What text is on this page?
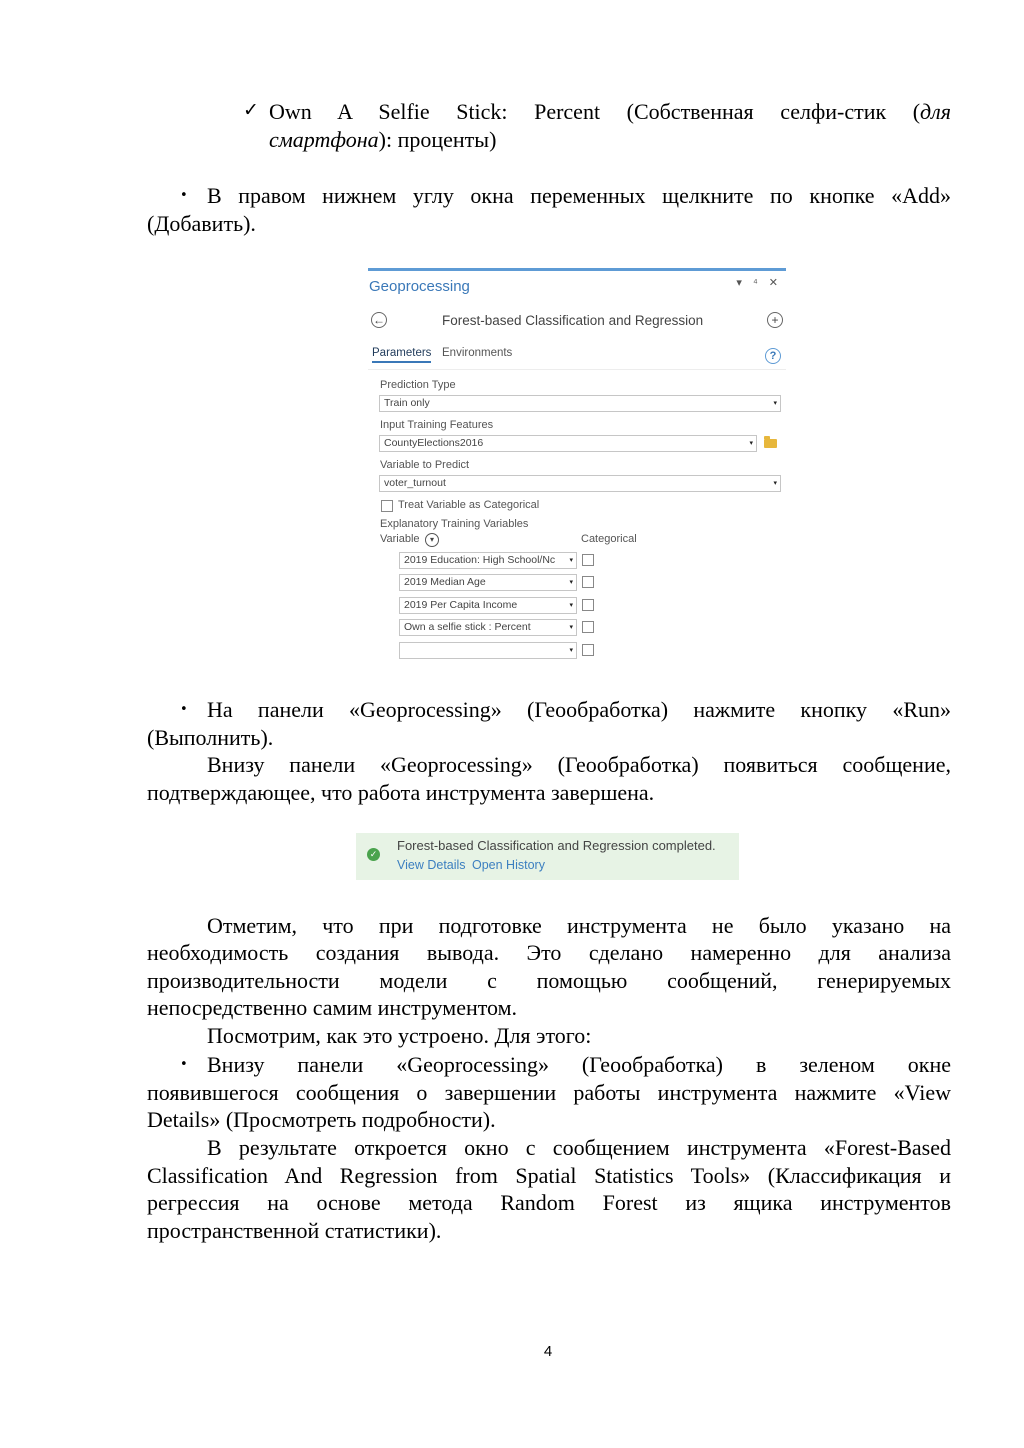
✓ Own A Selfie Stick: Percent (Собственная селфи-стик (для
смартфона): проценты)
• В правом нижнем углу окна переменных щелкните по кнопке «Add»
(Добавить).
Geoprocessing	▾ ⁴ ✕
←	Forest-based Classification and Regression	+
Parameters Environments	?
Prediction Type
Train only	▾
Input Training Features
CountyElections2016	▾
Variable to Predict
voter_turnout	▾
Treat Variable as Categorical
Explanatory Training Variables
Variable	▾	Categorical
2019 Education: High School/Nc ▾
2019 Median Age	▾
2019 Per Capita Income	▾
Own a selfie stick : Percent	▾
▾
• На панели «Geoprocessing» (Геообработка) нажмите кнопку «Run»
(Выполнить).
Внизу панели «Geoprocessing» (Геообработка) появиться сообщение,
подтверждающее, что работа инструмента завершена.
✓
Forest-based Classification and Regression completed.
View Details Open History
Отметим, что при подготовке инструмента не было указано на
необходимость создания вывода. Это сделано намеренно для анализа
производительности модели с помощью сообщений, генерируемых
непосредственно самим инструментом.
Посмотрим, как это устроено. Для этого:
• Внизу панели «Geoprocessing» (Геообработка) в зеленом окне
появившегося сообщения о завершении работы инструмента нажмите «View
Details» (Просмотреть подробности).
В результате откроется окно с сообщением инструмента «Forest-Based
Classification And Regression from Spatial Statistics Tools» (Классификация и
регрессия на основе метода Random Forest из ящика инструментов
пространственной статистики).
4
